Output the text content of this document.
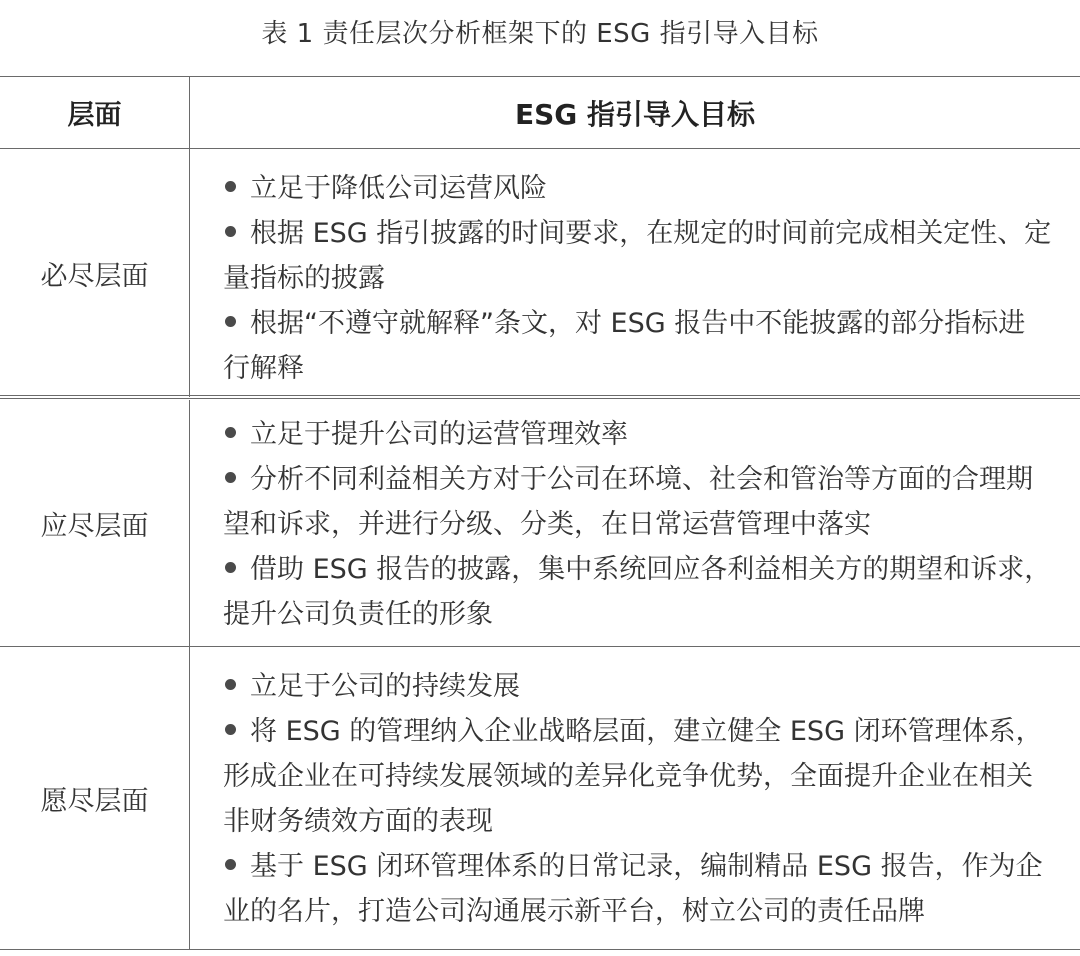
表 1 责任层次分析框架下的 ESG 指引导入目标
层面	ESG 指引导入目标
必尽层面
立足于降低公司运营风险
根据 ESG 指引披露的时间要求，在规定的时间前完成相关定性、定量指标的披露
根据“不遵守就解释”条文，对 ESG 报告中不能披露的部分指标进行解释
应尽层面
立足于提升公司的运营管理效率
分析不同利益相关方对于公司在环境、社会和管治等方面的合理期望和诉求，并进行分级、分类，在日常运营管理中落实
借助 ESG 报告的披露，集中系统回应各利益相关方的期望和诉求，提升公司负责任的形象
愿尽层面
立足于公司的持续发展
将 ESG 的管理纳入企业战略层面，建立健全 ESG 闭环管理体系，形成企业在可持续发展领域的差异化竞争优势，全面提升企业在相关非财务绩效方面的表现
基于 ESG 闭环管理体系的日常记录，编制精品 ESG 报告，作为企业的名片，打造公司沟通展示新平台，树立公司的责任品牌
